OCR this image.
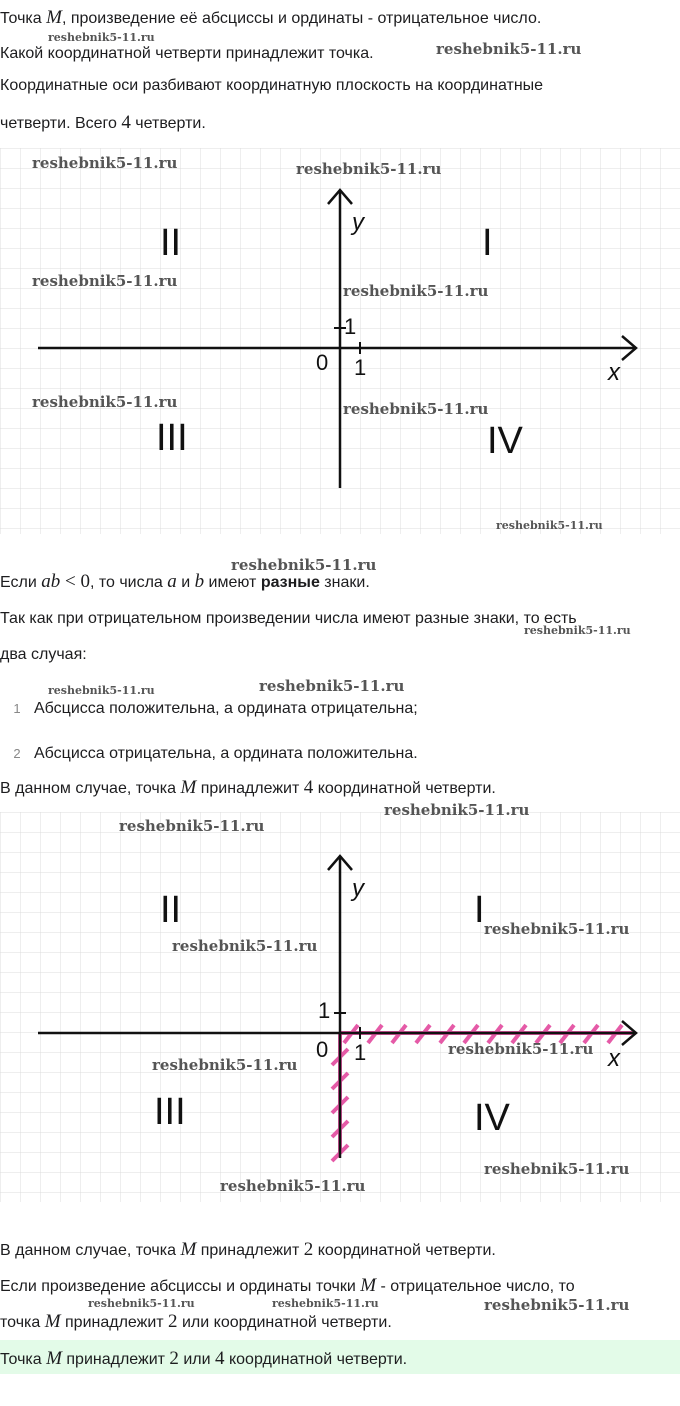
Точка M, произведение её абсциссы и ординаты - отрицательное число.
Какой координатной четверти принадлежит точка.
Координатные оси разбивают координатную плоскость на координатные
четверти. Всего 4 четверти.
y
x
0 1
1
I
II
III	IV
Если ab < 0, то числа a и b имеют разные знаки.
Так как при отрицательном произведении числа имеют разные знаки, то есть
два случая:
1 Абсцисса положительна, а ордината отрицательна;
2 Абсцисса отрицательна, а ордината положительна.
В данном случае, точка M принадлежит 4 координатной четверти.
y
x
0 1
1
I
II
III	IV
В данном случае, точка M принадлежит 2 координатной четверти.
Если произведение абсциссы и ординаты точки M - отрицательное число, то
точка M принадлежит 2 или координатной четверти.
Точка M принадлежит 2 или 4 координатной четверти.
reshebnik5-11.ru
reshebnik5-11.ru
reshebnik5-11.ru	reshebnik5-11.ru
reshebnik5-11.ru
reshebnik5-11.ru
reshebnik5-11.ru	reshebnik5-11.ru
reshebnik5-11.ru
reshebnik5-11.ru
reshebnik5-11.ru
reshebnik5-11.ru	reshebnik5-11.ru
reshebnik5-11.ru
reshebnik5-11.ru
reshebnik5-11.ru
reshebnik5-11.ru
reshebnik5-11.ru
reshebnik5-11.ru
reshebnik5-11.ru
reshebnik5-11.ru
reshebnik5-11.ru	reshebnik5-11.ru	reshebnik5-11.ru
